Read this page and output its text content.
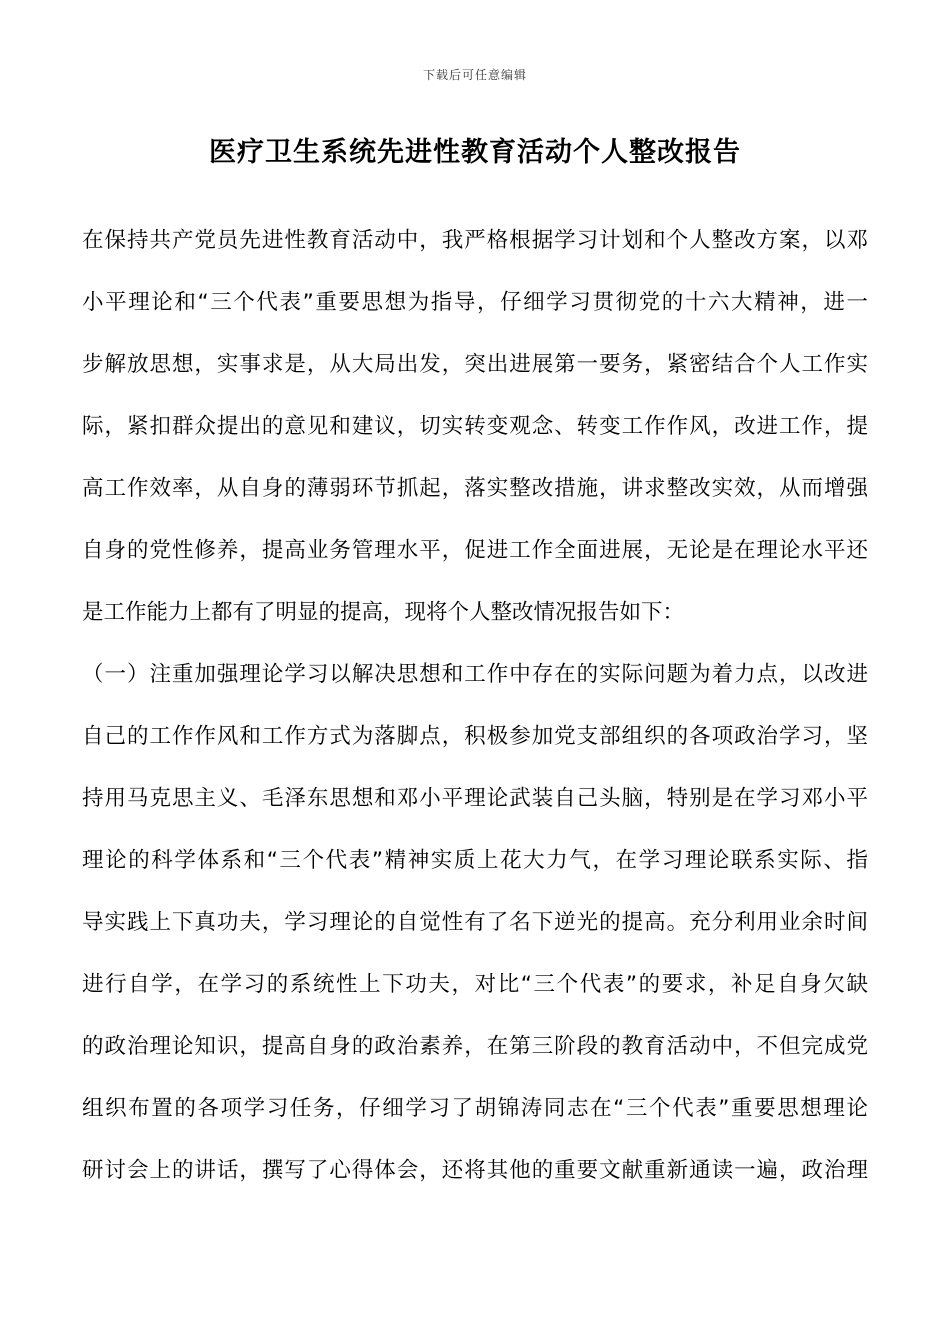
下载后可任意编辑
医疗卫生系统先进性教育活动个人整改报告
在保持共产党员先进性教育活动中，我严格根据学习计划和个人整改方案，以邓
小平理论和“三个代表”重要思想为指导，仔细学习贯彻党的十六大精神，进一
步解放思想，实事求是，从大局出发，突出进展第一要务，紧密结合个人工作实
际，紧扣群众提出的意见和建议，切实转变观念、转变工作作风，改进工作，提
高工作效率，从自身的薄弱环节抓起，落实整改措施，讲求整改实效，从而增强
自身的党性修养，提高业务管理水平，促进工作全面进展，无论是在理论水平还
是工作能力上都有了明显的提高，现将个人整改情况报告如下：
（一）注重加强理论学习以解决思想和工作中存在的实际问题为着力点，以改进
自己的工作作风和工作方式为落脚点，积极参加党支部组织的各项政治学习，坚
持用马克思主义、毛泽东思想和邓小平理论武装自己头脑，特别是在学习邓小平
理论的科学体系和“三个代表”精神实质上花大力气，在学习理论联系实际、指
导实践上下真功夫，学习理论的自觉性有了名下逆光的提高。充分利用业余时间
进行自学，在学习的系统性上下功夫，对比“三个代表”的要求，补足自身欠缺
的政治理论知识，提高自身的政治素养，在第三阶段的教育活动中，不但完成党
组织布置的各项学习任务，仔细学习了胡锦涛同志在“三个代表”重要思想理论
研讨会上的讲话，撰写了心得体会，还将其他的重要文献重新通读一遍，政治理
